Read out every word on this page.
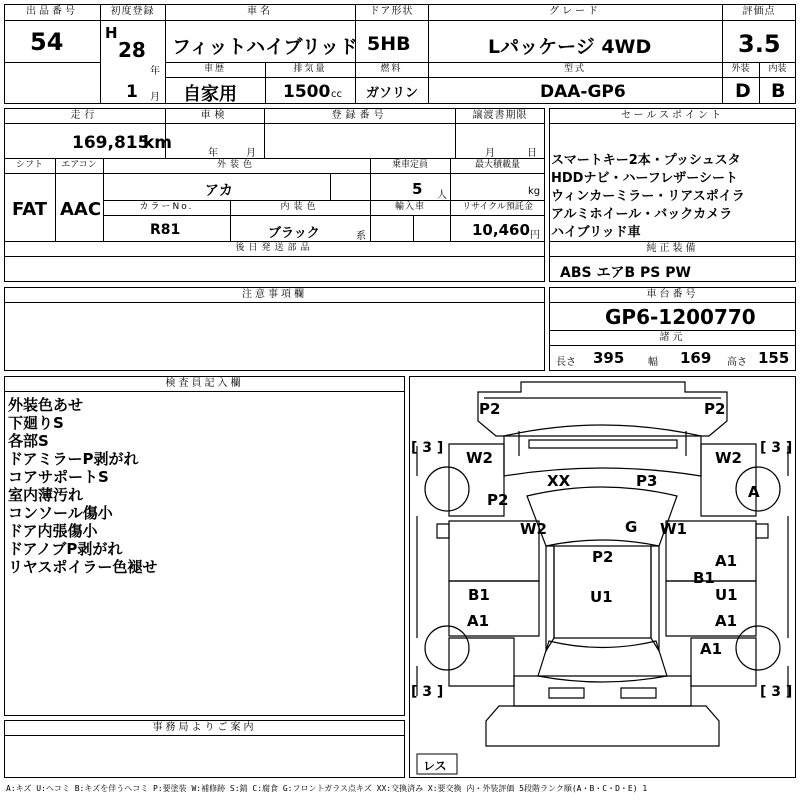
出品番号
54
初度登録
H
28
年
1 月
車名
フィットハイブリッド
ドア形状
5HB
グレード
Lパッケージ 4WD
評価点
3.5
車歴
自家用
排気量
1500 cc
燃料
ガソリン
型式
DAA-GP6
外装
D
内装
B
走行
169,815
km
車検
年	月
登録番号	譲渡書期限
月	日
シフト
FAT
エアコン
AAC
外装色
アカ
乗車定員
5 人
最大積載量
kg
カラーNo.
R81
内装色
ブラック	系
輸入車	リサイクル預託金
10,460 円
後日発送部品
セールスポイント
スマートキー2本・プッシュスタ
HDDナビ・ハーフレザーシート
ウィンカーミラー・リアスポイラ
アルミホイール・バックカメラ
ハイブリッド車
純正装備
ABS エアB PS PW
注意事項欄	車台番号
GP6-1200770
諸元
長さ 395 幅 169 高さ 155
検査員記入欄
外装色あせ
下廻りS
各部S
ドアミラーP剥がれ
コアサポートS
室内薄汚れ
コンソール傷小
ドア内張傷小
ドアノブP剥がれ
リヤスポイラー色褪せ
P2	P2
W2	W2
A
P2
XX	P3
W2	G W1
P2	A1
B1
B1	U1	U1
A1	A1
A1
[ 3 ]	[ 3 ]
[ 3 ]	[ 3 ]
レス
事務局よりご案内
A:キズ U:ヘコミ B:キズを伴うヘコミ P:要塗装 W:補修跡 S:錆 C:腐食 G:フロントガラス点キズ XX:交換済み X:要交換 内・外装評価 5段階ランク順(A・B・C・D・E) 1
